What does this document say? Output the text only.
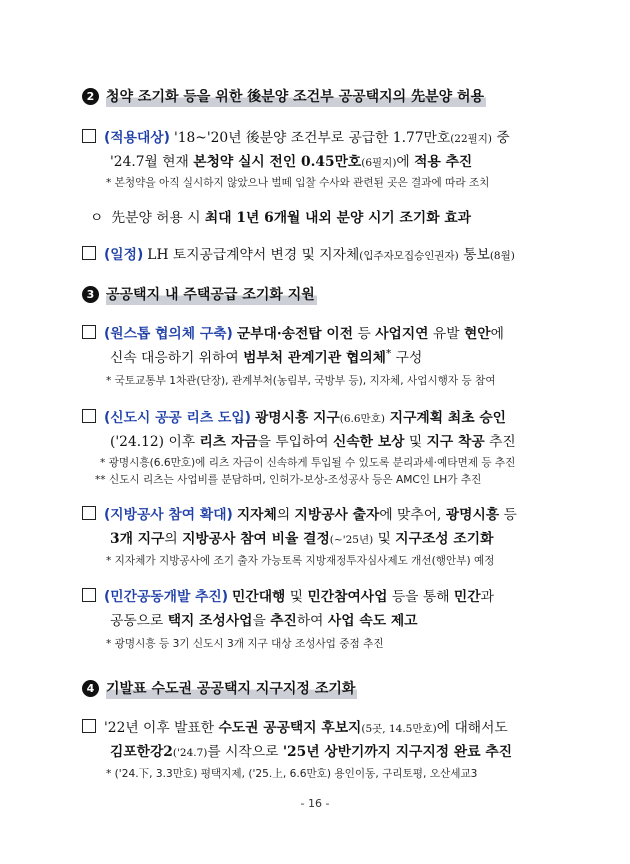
2 청약 조기화 등을 위한 後분양 조건부 공공택지의 先분양 허용
(적용대상) '18~'20년 後분양 조건부로 공급한 1.77만호(22필지) 중
'24.7월 현재 본청약 실시 전인 0.45만호(6필지)에 적용 추진
* 본청약을 아직 실시하지 않았으나 벌떼 입찰 수사와 관련된 곳은 결과에 따라 조치
ㅇ 先분양 허용 시 최대 1년 6개월 내외 분양 시기 조기화 효과
(일정) LH 토지공급계약서 변경 및 지자체(입주자모집승인권자) 통보(8월)
3 공공택지 내 주택공급 조기화 지원
(원스톱 협의체 구축) 군부대·송전탑 이전 등 사업지연 유발 현안에
신속 대응하기 위하여 범부처 관계기관 협의체* 구성
* 국토교통부 1차관(단장), 관계부처(농림부, 국방부 등), 지자체, 사업시행자 등 참여
(신도시 공공 리츠 도입) 광명시흥 지구(6.6만호) 지구계획 최초 승인
('24.12) 이후 리츠 자금을 투입하여 신속한 보상 및 지구 착공 추진
* 광명시흥(6.6만호)에 리츠 자금이 신속하게 투입될 수 있도록 분리과세·예타면제 등 추진
** 신도시 리츠는 사업비를 분담하며, 인허가-보상-조성공사 등은 AMC인 LH가 추진
(지방공사 참여 확대) 지자체의 지방공사 출자에 맞추어, 광명시흥 등
3개 지구의 지방공사 참여 비율 결정(~'25년) 및 지구조성 조기화
* 지자체가 지방공사에 조기 출자 가능토록 지방재정투자심사제도 개선(행안부) 예정
(민간공동개발 추진) 민간대행 및 민간참여사업 등을 통해 민간과
공동으로 택지 조성사업을 추진하여 사업 속도 제고
* 광명시흥 등 3기 신도시 3개 지구 대상 조성사업 중점 추진
4 기발표 수도권 공공택지 지구지정 조기화
'22년 이후 발표한 수도권 공공택지 후보지(5곳, 14.5만호)에 대해서도
김포한강2('24.7)를 시작으로 '25년 상반기까지 지구지정 완료 추진
* ('24.下, 3.3만호) 평택지제, ('25.上, 6.6만호) 용인이동, 구리토평, 오산세교3
- 16 -
